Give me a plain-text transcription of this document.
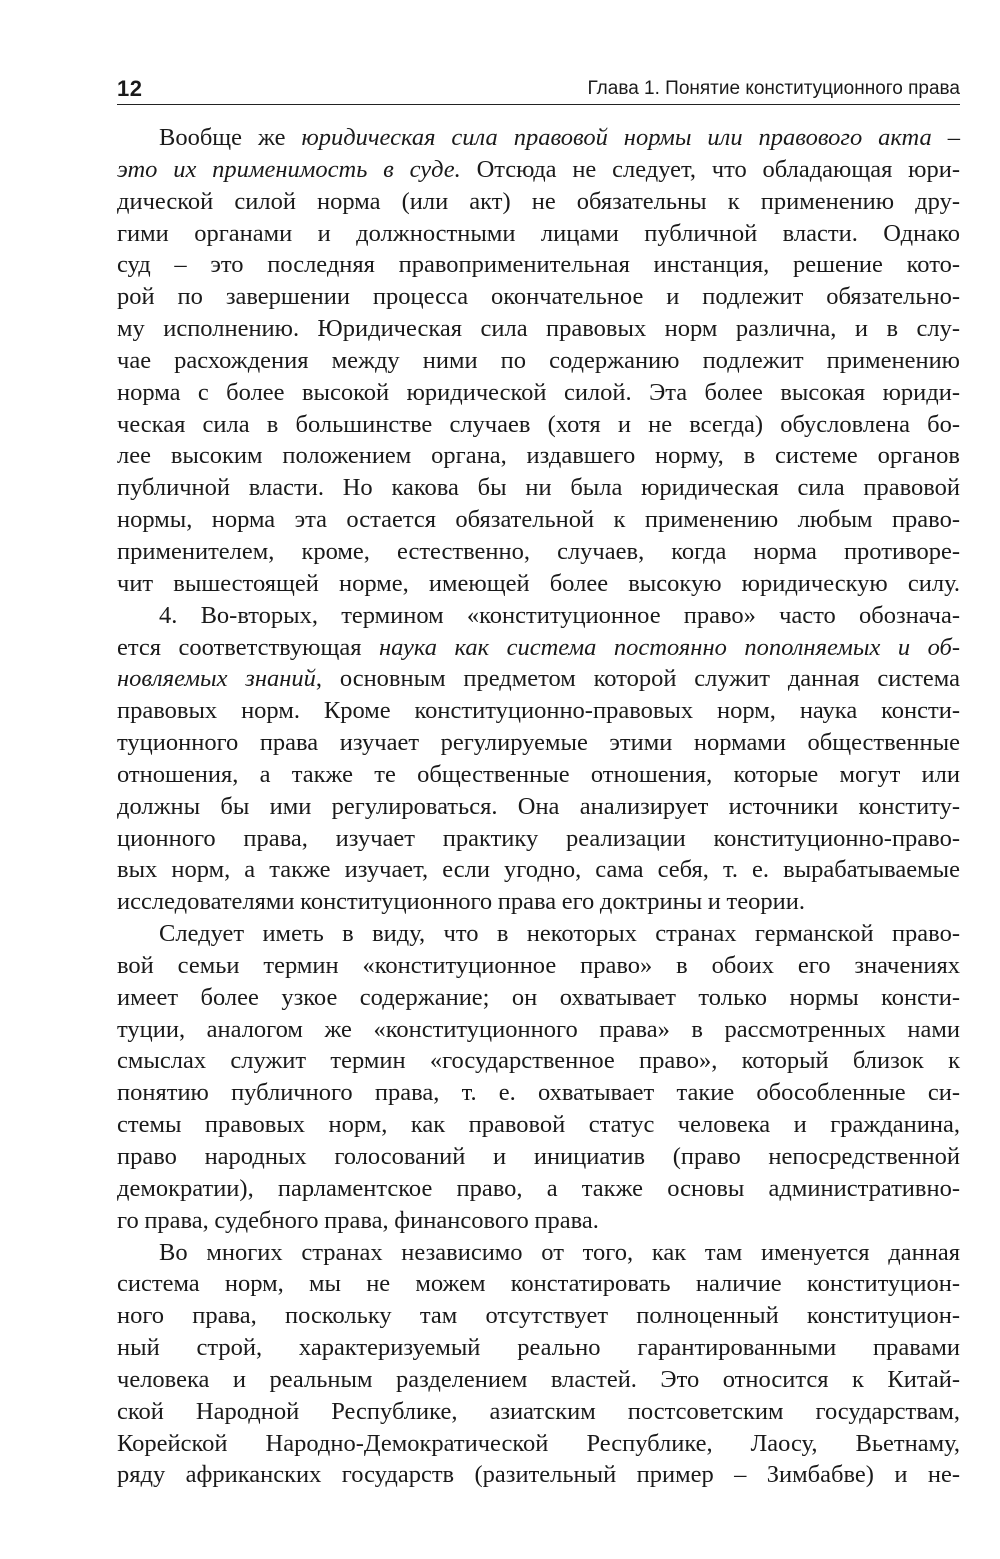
12	Глава 1. Понятие конституционного права
Вообще же юридическая сила правовой нормы или правового акта –
это их применимость в суде. Отсюда не следует, что обладающая юри-
дической силой норма (или акт) не обязательны к применению дру-
гими органами и должностными лицами публичной власти. Однако
суд – это последняя правоприменительная инстанция, решение кото-
рой по завершении процесса окончательное и подлежит обязательно-
му исполнению. Юридическая сила правовых норм различна, и в слу-
чае расхождения между ними по содержанию подлежит применению
норма с более высокой юридической силой. Эта более высокая юриди-
ческая сила в большинстве случаев (хотя и не всегда) обусловлена бо-
лее высоким положением органа, издавшего норму, в системе органов
публичной власти. Но какова бы ни была юридическая сила правовой
нормы, норма эта остается обязательной к применению любым право-
применителем, кроме, естественно, случаев, когда норма противоре-
чит вышестоящей норме, имеющей более высокую юридическую силу.
4. Во-вторых, термином «конституционное право» часто обознача-
ется соответствующая наука как система постоянно пополняемых и об-
новляемых знаний, основным предметом которой служит данная система
правовых норм. Кроме конституционно-правовых норм, наука консти-
туционного права изучает регулируемые этими нормами общественные
отношения, а также те общественные отношения, которые могут или
должны бы ими регулироваться. Она анализирует источники конститу-
ционного права, изучает практику реализации конституционно-право-
вых норм, а также изучает, если угодно, сама себя, т. е. вырабатываемые
исследователями конституционного права его доктрины и теории.
Следует иметь в виду, что в некоторых странах германской право-
вой семьи термин «конституционное право» в обоих его значениях
имеет более узкое содержание; он охватывает только нормы консти-
туции, аналогом же «конституционного права» в рассмотренных нами
смыслах служит термин «государственное право», который близок к
понятию публичного права, т. е. охватывает такие обособленные си-
стемы правовых норм, как правовой статус человека и гражданина,
право народных голосований и инициатив (право непосредственной
демократии), парламентское право, а также основы административно-
го права, судебного права, финансового права.
Во многих странах независимо от того, как там именуется данная
система норм, мы не можем констатировать наличие конституцион-
ного права, поскольку там отсутствует полноценный конституцион-
ный строй, характеризуемый реально гарантированными правами
человека и реальным разделением властей. Это относится к Китай-
ской Народной Республике, азиатским постсоветским государствам,
Корейской Народно-Демократической Республике, Лаосу, Вьетнаму,
ряду африканских государств (разительный пример – Зимбабве) и не-
